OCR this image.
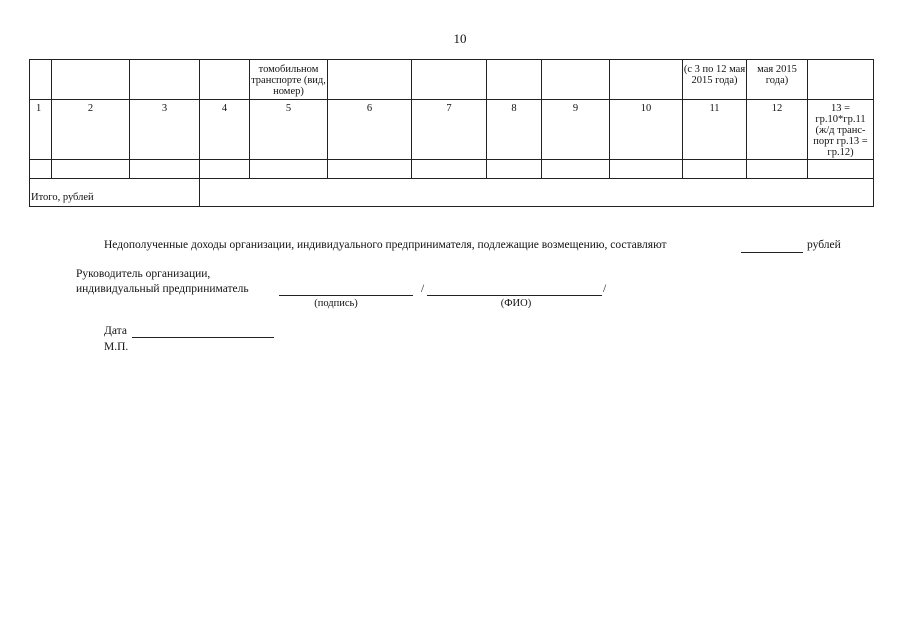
10
				томобильном транспорте (вид, номер)						(с 3 по 12 мая 2015 года)	мая 2015 года)	
1	2	3	4	5	6	7	8	9	10	11	12	13 = гр.10*гр.11 (ж/д транс-порт гр.13 = гр.12)

Итого, рублей												
Недополученные доходы организации, индивидуального предпринимателя, подлежащие возмещению, составляют	рублей
Руководитель организации,
индивидуальный предприниматель	/	/
(подпись)	(ФИО)
Дата
М.П.
